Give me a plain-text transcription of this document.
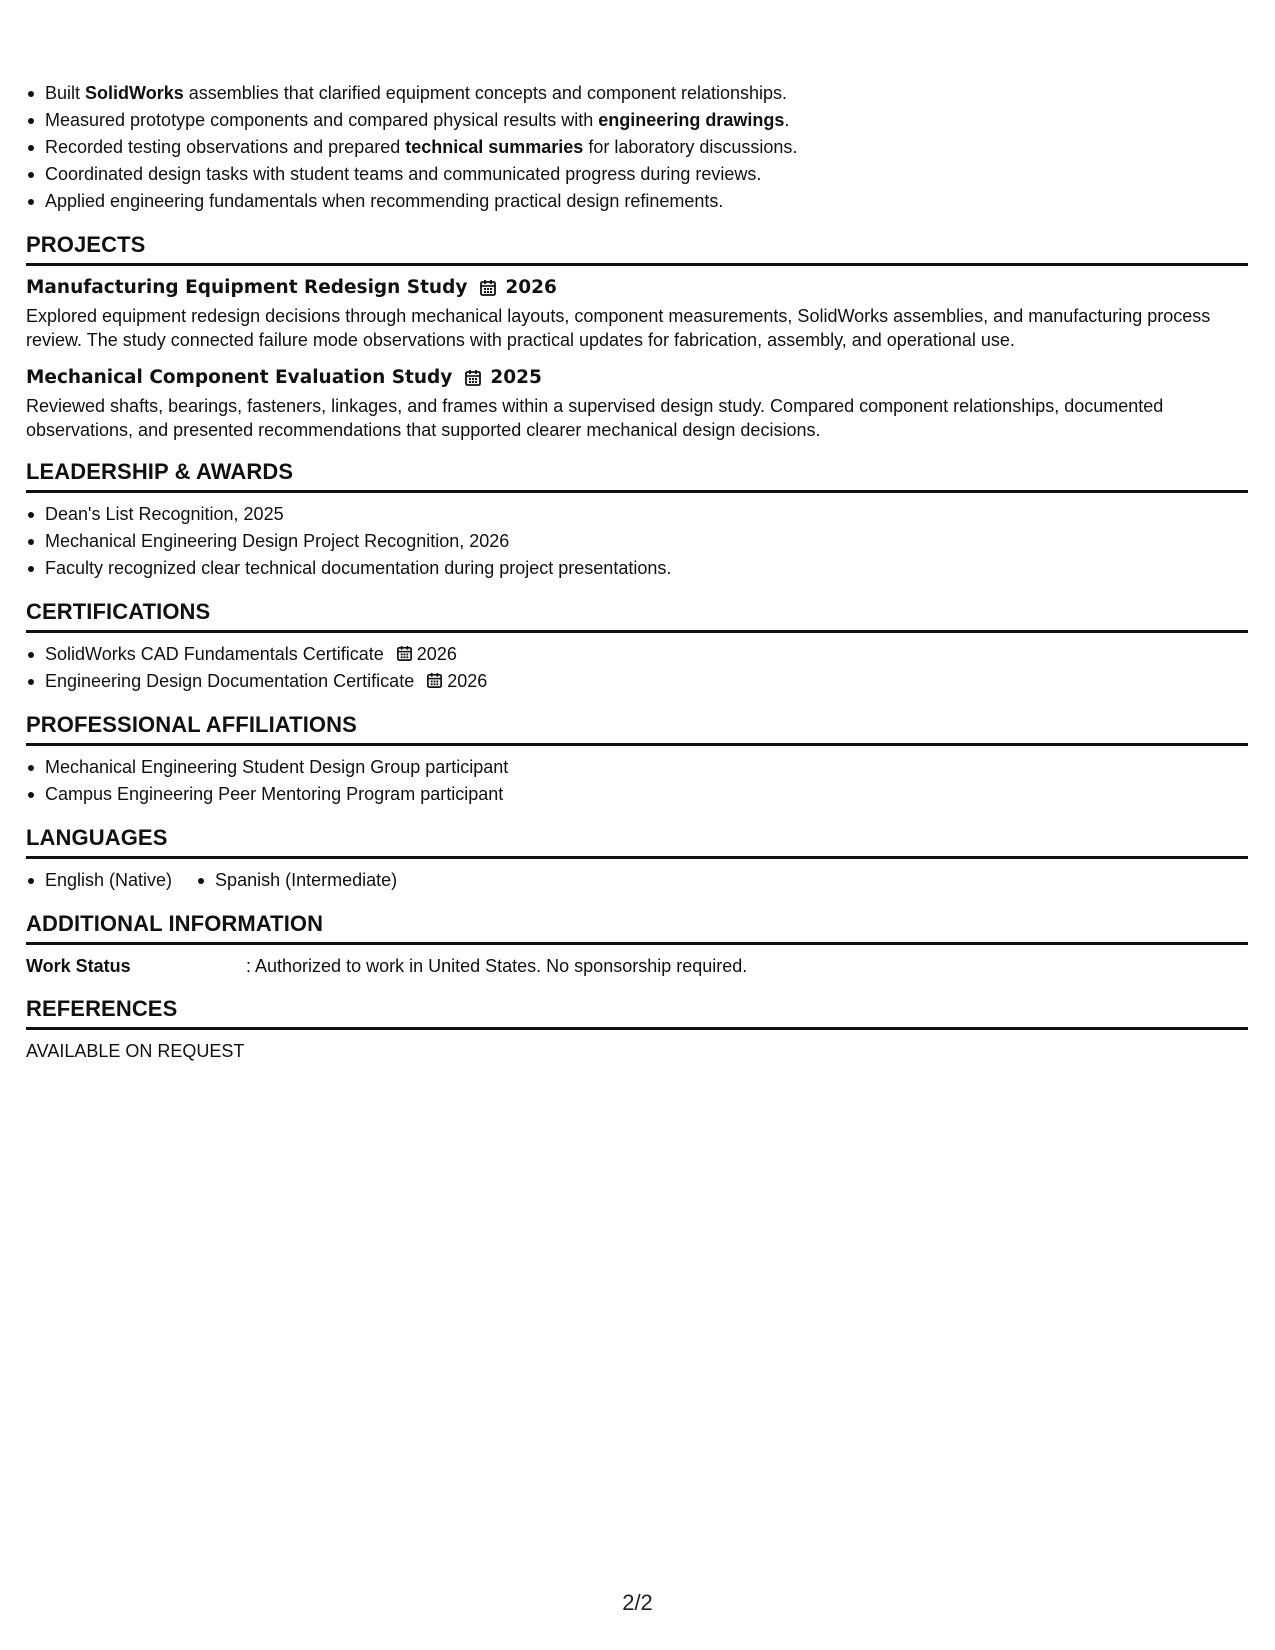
Built SolidWorks assemblies that clarified equipment concepts and component relationships.
Measured prototype components and compared physical results with engineering drawings.
Recorded testing observations and prepared technical summaries for laboratory discussions.
Coordinated design tasks with student teams and communicated progress during reviews.
Applied engineering fundamentals when recommending practical design refinements.
PROJECTS
Manufacturing Equipment Redesign Study 2026

Explored equipment redesign decisions through mechanical layouts, component measurements, SolidWorks assemblies, and manufacturing process review. The study connected failure mode observations with practical updates for fabrication, assembly, and operational use.

Mechanical Component Evaluation Study 2025

Reviewed shafts, bearings, fasteners, linkages, and frames within a supervised design study. Compared component relationships, documented observations, and presented recommendations that supported clearer mechanical design decisions.

LEADERSHIP & AWARDS
Dean's List Recognition, 2025
Mechanical Engineering Design Project Recognition, 2026
Faculty recognized clear technical documentation during project presentations.
CERTIFICATIONS
SolidWorks CAD Fundamentals Certificate 2026
Engineering Design Documentation Certificate 2026
PROFESSIONAL AFFILIATIONS
Mechanical Engineering Student Design Group participant
Campus Engineering Peer Mentoring Program participant
LANGUAGES
English (Native)	Spanish (Intermediate)
ADDITIONAL INFORMATION
Work Status	: Authorized to work in United States. No sponsorship required.
REFERENCES
AVAILABLE ON REQUEST
2/2
